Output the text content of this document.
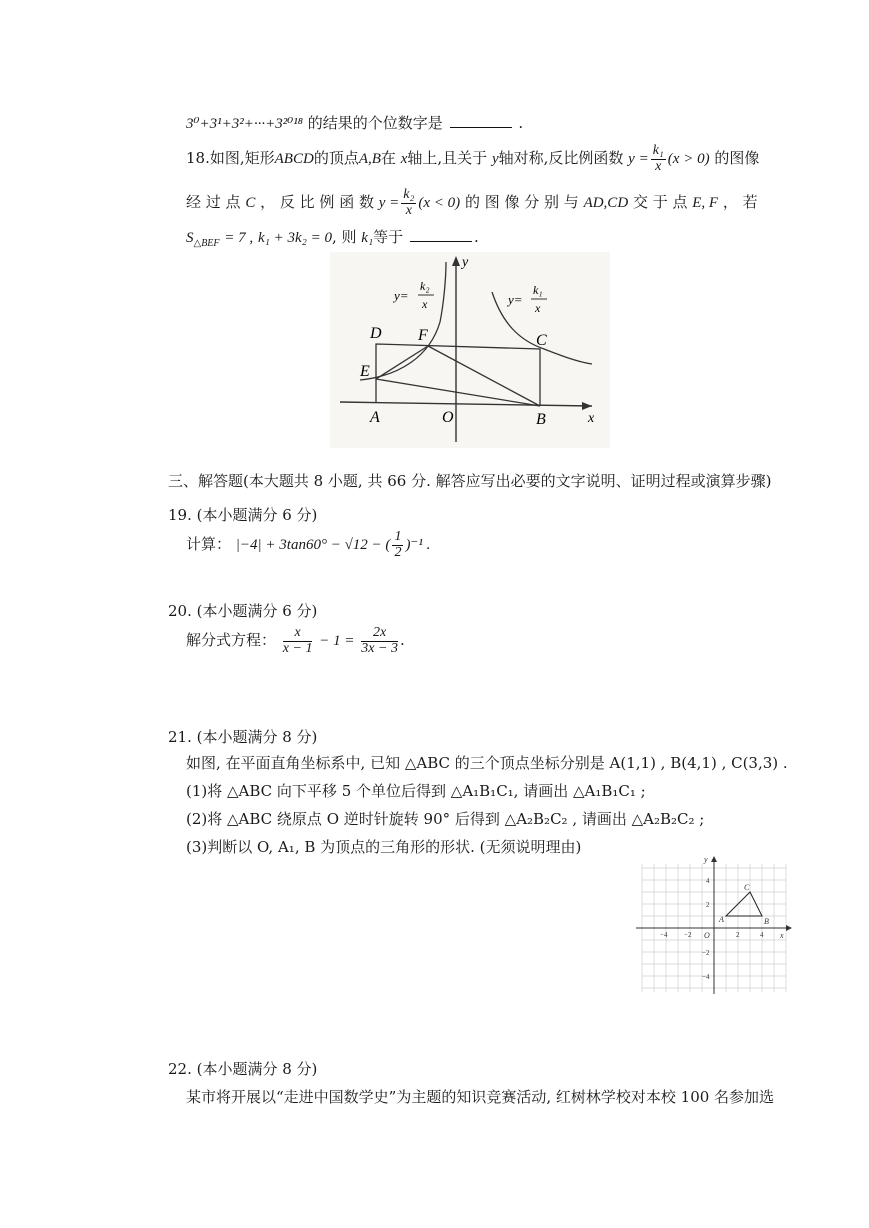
3⁰+3¹+3²+···+3²⁰¹⁸ 的结果的个位数字是	.
18.如图,矩形ABCD的顶点A,B在 x轴上,且关于 y轴对称,反比例函数 $y = \frac{\text{k₁}}{x} (x > 0)$ 的图像
经 过 点 C ， 反 比 例 函 数 $y = \frac{\text{k₂}}{x} (x < 0)$ 的 图 像 分 别 与 AD,CD 交 于 点 E, F ， 若
$S_{\triangle BEF} = 7$ , k₁ + 3k₂ = 0, 则 k₁等于	.
y=
k₂
x	y=
k₁
x
D F	C
E
A	O	B	x
y
三、解答题(本大题共 8 小题, 共 66 分. 解答应写出必要的文字说明、证明过程或演算步骤)
19. (本小题满分 6 分)
计算： |−4| + 3tan60° − √12 − ( $\frac{1}{2} )^{-1}$ .
20. (本小题满分 6 分)
解分式方程： $\frac{x}{x - 1} - 1 = \frac{2x}{3x - 3}$ .
21. (本小题满分 8 分)
如图, 在平面直角坐标系中, 已知 △ABC 的三个顶点坐标分别是 A(1,1) , B(4,1) , C(3,3) .
(1)将 △ABC 向下平移 5 个单位后得到 △A₁B₁C₁, 请画出 △A₁B₁C₁ ;
(2)将 △ABC 绕原点 O 逆时针旋转 90° 后得到 △A₂B₂C₂ , 请画出 △A₂B₂C₂ ;
(3)判断以 O, A₁, B 为顶点的三角形的形状. (无须说明理由)
y
x
O
A	B
C
−4 −2	2	4
4
2
−2
−4
22. (本小题满分 8 分)
某市将开展以“走进中国数学史”为主题的知识竞赛活动, 红树林学校对本校 100 名参加选
